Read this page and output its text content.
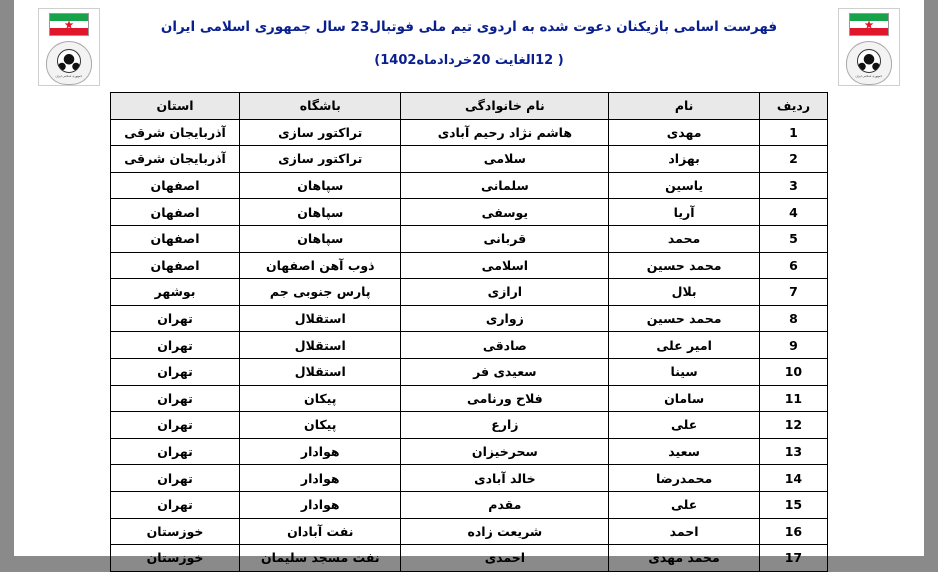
جمهوری اسلامی ایران	جمهوری اسلامی ایران
فهرست اسامی بازیکنان دعوت شده به اردوی تیم ملی فوتبال23 سال جمهوری اسلامی ایران
( 12الغایت 20خردادماه1402)
ردیف	نام	نام خانوادگی	باشگاه	استان
1	مهدی	هاشم نژاد رحیم آبادی	تراکتور سازی	آذربایجان شرقی
2	بهزاد	سلامی	تراکتور سازی	آذربایجان شرقی
3	یاسین	سلمانی	سپاهان	اصفهان
4	آریا	یوسفی	سپاهان	اصفهان
5	محمد	قربانی	سپاهان	اصفهان
6	محمد حسین	اسلامی	ذوب آهن اصفهان	اصفهان
7	بلال	ارازی	پارس جنوبی جم	بوشهر
8	محمد حسین	زواری	استقلال	تهران
9	امیر علی	صادقی	استقلال	تهران
10	سینا	سعیدی فر	استقلال	تهران
11	سامان	فلاح ورنامی	پیکان	تهران
12	علی	زارع	پیکان	تهران
13	سعید	سحرخیزان	هوادار	تهران
14	محمدرضا	خالد آبادی	هوادار	تهران
15	علی	مقدم	هوادار	تهران
16	احمد	شریعت زاده	نفت آبادان	خوزستان
17	محمد مهدی	احمدی	نفت مسجد سلیمان	خوزستان
